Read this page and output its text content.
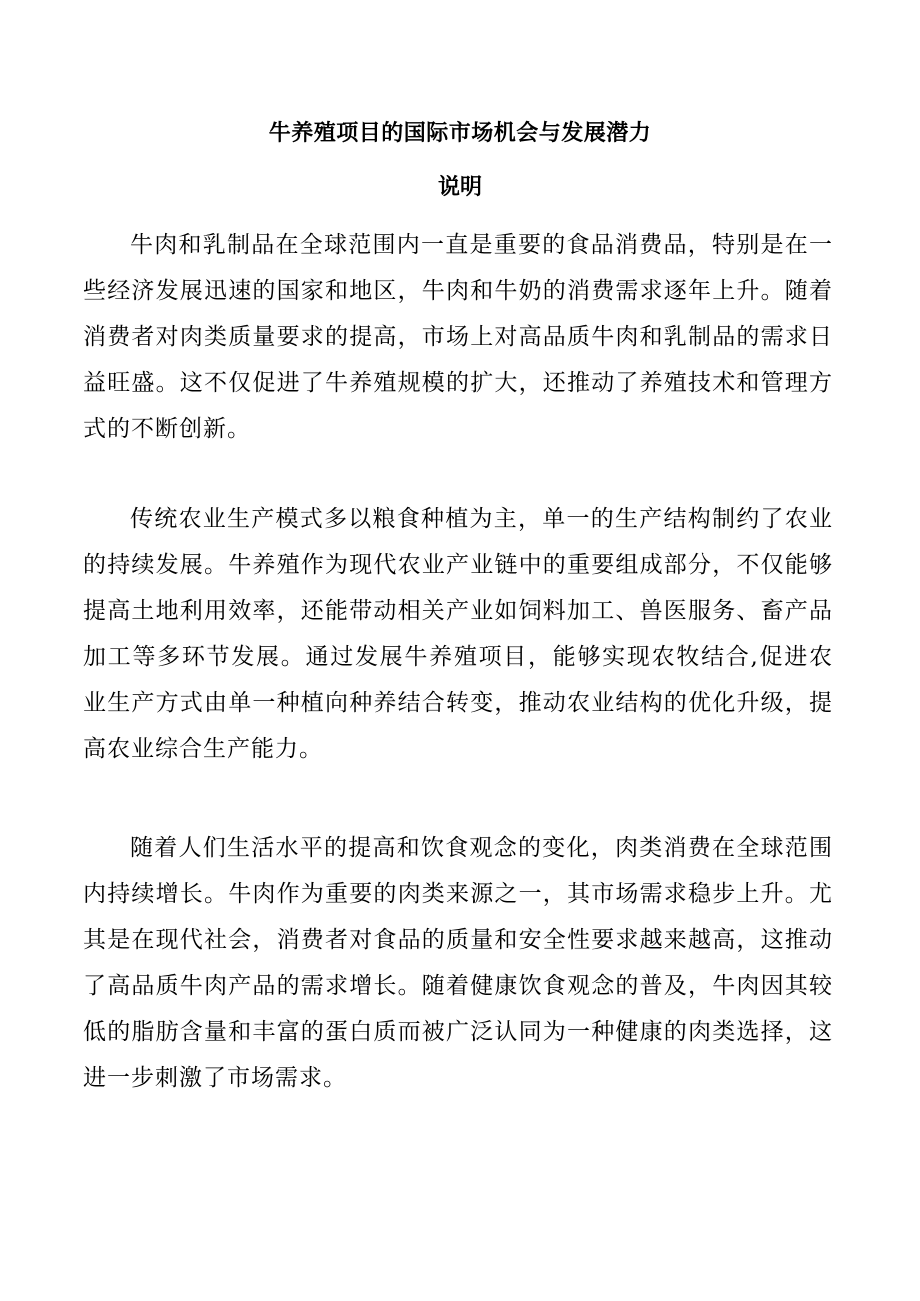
牛养殖项目的国际市场机会与发展潜力
说明

牛肉和乳制品在全球范围内一直是重要的食品消费品，特别是在一些经济发展迅速的国家和地区，牛肉和牛奶的消费需求逐年上升。随着消费者对肉类质量要求的提高，市场上对高品质牛肉和乳制品的需求日益旺盛。这不仅促进了牛养殖规模的扩大，还推动了养殖技术和管理方式的不断创新。

传统农业生产模式多以粮食种植为主，单一的生产结构制约了农业的持续发展。牛养殖作为现代农业产业链中的重要组成部分，不仅能够提高土地利用效率，还能带动相关产业如饲料加工、兽医服务、畜产品加工等多环节发展。通过发展牛养殖项目，能够实现农牧结合,促进农业生产方式由单一种植向种养结合转变，推动农业结构的优化升级，提高农业综合生产能力。

随着人们生活水平的提高和饮食观念的变化，肉类消费在全球范围内持续增长。牛肉作为重要的肉类来源之一，其市场需求稳步上升。尤其是在现代社会，消费者对食品的质量和安全性要求越来越高，这推动了高品质牛肉产品的需求增长。随着健康饮食观念的普及，牛肉因其较低的脂肪含量和丰富的蛋白质而被广泛认同为一种健康的肉类选择，这进一步刺激了市场需求。
